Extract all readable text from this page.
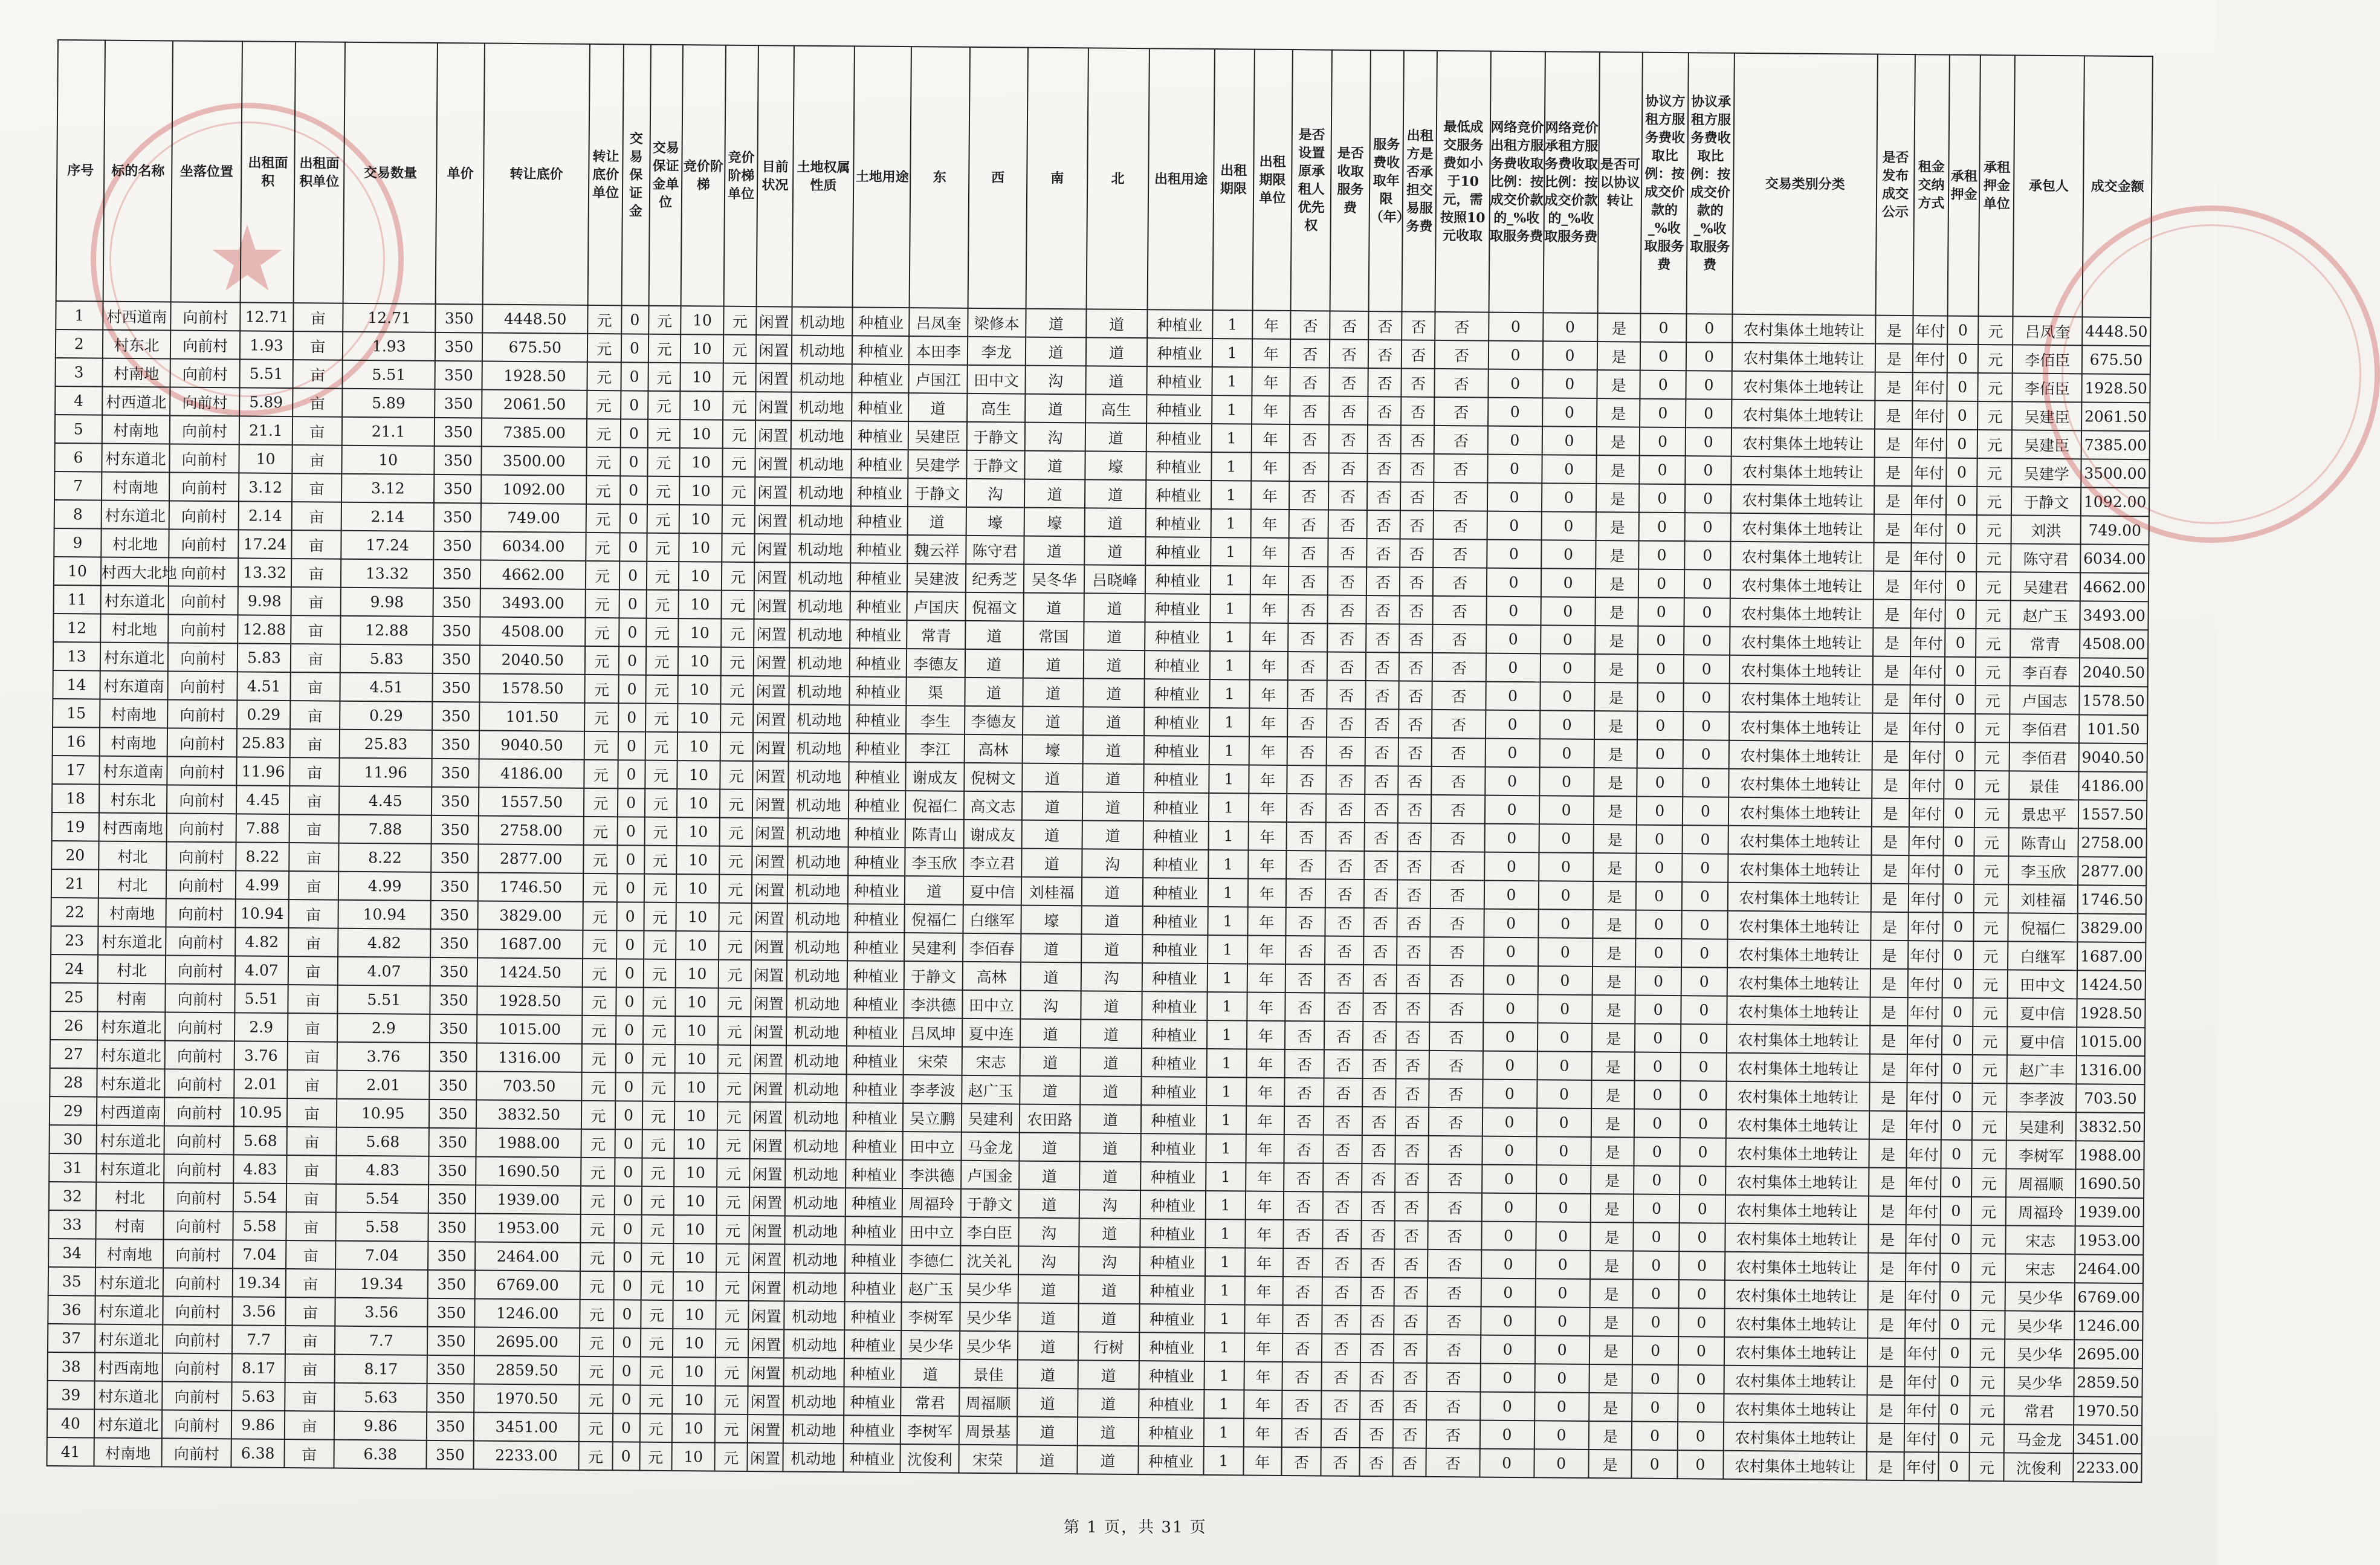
★
序号	标的名称	坐落位置	出租面积	出租面积单位	交易数量	单价	转让底价	转让底价单位	交易保证金	交易保证金单位	竞价阶梯	竞价阶梯单位	目前状况	土地权属性质	土地用途	东	西	南	北	出租用途	出租期限	出租期限单位	是否设置原承租人优先权	是否收取服务费	服务费收取年限（年）	出租方是否承担交易服务费	最低成交服务费如小于10元，需按照10元收取	网络竞价出租方服务费收取比例：按成交价款的_%收取服务费	网络竞价承租方服务费收取比例：按成交价款的_%收取服务费	是否可以协议转让	协议方租方服务费收取比例：按成交价款的_%收取服务费	协议承租方服务费收取比例：按成交价款的_%收取服务费	交易类别分类	是否发布成交公示	租金交纳方式	承租押金	承租押金单位	承包人	成交金额
1	村西道南	向前村	12.71	亩	12.71	350	4448.50	元	0	元	10	元	闲置	机动地	种植业	吕凤奎	梁修本	道	道	种植业	1	年	否	否	否	否	否	0	0	是	0	0	农村集体土地转让	是	年付	0	元	吕凤奎	4448.50
2	村东北	向前村	1.93	亩	1.93	350	675.50	元	0	元	10	元	闲置	机动地	种植业	本田李	李龙	道	道	种植业	1	年	否	否	否	否	否	0	0	是	0	0	农村集体土地转让	是	年付	0	元	李佰臣	675.50
3	村南地	向前村	5.51	亩	5.51	350	1928.50	元	0	元	10	元	闲置	机动地	种植业	卢国江	田中文	沟	道	种植业	1	年	否	否	否	否	否	0	0	是	0	0	农村集体土地转让	是	年付	0	元	李佰臣	1928.50
4	村西道北	向前村	5.89	亩	5.89	350	2061.50	元	0	元	10	元	闲置	机动地	种植业	道	高生	道	高生	种植业	1	年	否	否	否	否	否	0	0	是	0	0	农村集体土地转让	是	年付	0	元	吴建臣	2061.50
5	村南地	向前村	21.1	亩	21.1	350	7385.00	元	0	元	10	元	闲置	机动地	种植业	吴建臣	于静文	沟	道	种植业	1	年	否	否	否	否	否	0	0	是	0	0	农村集体土地转让	是	年付	0	元	吴建臣	7385.00
6	村东道北	向前村	10	亩	10	350	3500.00	元	0	元	10	元	闲置	机动地	种植业	吴建学	于静文	道	壕	种植业	1	年	否	否	否	否	否	0	0	是	0	0	农村集体土地转让	是	年付	0	元	吴建学	3500.00
7	村南地	向前村	3.12	亩	3.12	350	1092.00	元	0	元	10	元	闲置	机动地	种植业	于静文	沟	道	道	种植业	1	年	否	否	否	否	否	0	0	是	0	0	农村集体土地转让	是	年付	0	元	于静文	1092.00
8	村东道北	向前村	2.14	亩	2.14	350	749.00	元	0	元	10	元	闲置	机动地	种植业	道	壕	壕	道	种植业	1	年	否	否	否	否	否	0	0	是	0	0	农村集体土地转让	是	年付	0	元	刘洪	749.00
9	村北地	向前村	17.24	亩	17.24	350	6034.00	元	0	元	10	元	闲置	机动地	种植业	魏云祥	陈守君	道	道	种植业	1	年	否	否	否	否	否	0	0	是	0	0	农村集体土地转让	是	年付	0	元	陈守君	6034.00
10	村西大北地	向前村	13.32	亩	13.32	350	4662.00	元	0	元	10	元	闲置	机动地	种植业	吴建波	纪秀芝	吴冬华	吕晓峰	种植业	1	年	否	否	否	否	否	0	0	是	0	0	农村集体土地转让	是	年付	0	元	吴建君	4662.00
11	村东道北	向前村	9.98	亩	9.98	350	3493.00	元	0	元	10	元	闲置	机动地	种植业	卢国庆	倪福文	道	道	种植业	1	年	否	否	否	否	否	0	0	是	0	0	农村集体土地转让	是	年付	0	元	赵广玉	3493.00
12	村北地	向前村	12.88	亩	12.88	350	4508.00	元	0	元	10	元	闲置	机动地	种植业	常青	道	常国	道	种植业	1	年	否	否	否	否	否	0	0	是	0	0	农村集体土地转让	是	年付	0	元	常青	4508.00
13	村东道北	向前村	5.83	亩	5.83	350	2040.50	元	0	元	10	元	闲置	机动地	种植业	李德友	道	道	道	种植业	1	年	否	否	否	否	否	0	0	是	0	0	农村集体土地转让	是	年付	0	元	李百春	2040.50
14	村东道南	向前村	4.51	亩	4.51	350	1578.50	元	0	元	10	元	闲置	机动地	种植业	渠	道	道	道	种植业	1	年	否	否	否	否	否	0	0	是	0	0	农村集体土地转让	是	年付	0	元	卢国志	1578.50
15	村南地	向前村	0.29	亩	0.29	350	101.50	元	0	元	10	元	闲置	机动地	种植业	李生	李德友	道	道	种植业	1	年	否	否	否	否	否	0	0	是	0	0	农村集体土地转让	是	年付	0	元	李佰君	101.50
16	村南地	向前村	25.83	亩	25.83	350	9040.50	元	0	元	10	元	闲置	机动地	种植业	李江	高林	壕	道	种植业	1	年	否	否	否	否	否	0	0	是	0	0	农村集体土地转让	是	年付	0	元	李佰君	9040.50
17	村东道南	向前村	11.96	亩	11.96	350	4186.00	元	0	元	10	元	闲置	机动地	种植业	谢成友	倪树文	道	道	种植业	1	年	否	否	否	否	否	0	0	是	0	0	农村集体土地转让	是	年付	0	元	景佳	4186.00
18	村东北	向前村	4.45	亩	4.45	350	1557.50	元	0	元	10	元	闲置	机动地	种植业	倪福仁	高文志	道	道	种植业	1	年	否	否	否	否	否	0	0	是	0	0	农村集体土地转让	是	年付	0	元	景忠平	1557.50
19	村西南地	向前村	7.88	亩	7.88	350	2758.00	元	0	元	10	元	闲置	机动地	种植业	陈青山	谢成友	道	道	种植业	1	年	否	否	否	否	否	0	0	是	0	0	农村集体土地转让	是	年付	0	元	陈青山	2758.00
20	村北	向前村	8.22	亩	8.22	350	2877.00	元	0	元	10	元	闲置	机动地	种植业	李玉欣	李立君	道	沟	种植业	1	年	否	否	否	否	否	0	0	是	0	0	农村集体土地转让	是	年付	0	元	李玉欣	2877.00
21	村北	向前村	4.99	亩	4.99	350	1746.50	元	0	元	10	元	闲置	机动地	种植业	道	夏中信	刘桂福	道	种植业	1	年	否	否	否	否	否	0	0	是	0	0	农村集体土地转让	是	年付	0	元	刘桂福	1746.50
22	村南地	向前村	10.94	亩	10.94	350	3829.00	元	0	元	10	元	闲置	机动地	种植业	倪福仁	白继军	壕	道	种植业	1	年	否	否	否	否	否	0	0	是	0	0	农村集体土地转让	是	年付	0	元	倪福仁	3829.00
23	村东道北	向前村	4.82	亩	4.82	350	1687.00	元	0	元	10	元	闲置	机动地	种植业	吴建利	李佰春	道	道	种植业	1	年	否	否	否	否	否	0	0	是	0	0	农村集体土地转让	是	年付	0	元	白继军	1687.00
24	村北	向前村	4.07	亩	4.07	350	1424.50	元	0	元	10	元	闲置	机动地	种植业	于静文	高林	道	沟	种植业	1	年	否	否	否	否	否	0	0	是	0	0	农村集体土地转让	是	年付	0	元	田中文	1424.50
25	村南	向前村	5.51	亩	5.51	350	1928.50	元	0	元	10	元	闲置	机动地	种植业	李洪德	田中立	沟	道	种植业	1	年	否	否	否	否	否	0	0	是	0	0	农村集体土地转让	是	年付	0	元	夏中信	1928.50
26	村东道北	向前村	2.9	亩	2.9	350	1015.00	元	0	元	10	元	闲置	机动地	种植业	吕凤坤	夏中连	道	道	种植业	1	年	否	否	否	否	否	0	0	是	0	0	农村集体土地转让	是	年付	0	元	夏中信	1015.00
27	村东道北	向前村	3.76	亩	3.76	350	1316.00	元	0	元	10	元	闲置	机动地	种植业	宋荣	宋志	道	道	种植业	1	年	否	否	否	否	否	0	0	是	0	0	农村集体土地转让	是	年付	0	元	赵广丰	1316.00
28	村东道北	向前村	2.01	亩	2.01	350	703.50	元	0	元	10	元	闲置	机动地	种植业	李孝波	赵广玉	道	道	种植业	1	年	否	否	否	否	否	0	0	是	0	0	农村集体土地转让	是	年付	0	元	李孝波	703.50
29	村西道南	向前村	10.95	亩	10.95	350	3832.50	元	0	元	10	元	闲置	机动地	种植业	吴立鹏	吴建利	农田路	道	种植业	1	年	否	否	否	否	否	0	0	是	0	0	农村集体土地转让	是	年付	0	元	吴建利	3832.50
30	村东道北	向前村	5.68	亩	5.68	350	1988.00	元	0	元	10	元	闲置	机动地	种植业	田中立	马金龙	道	道	种植业	1	年	否	否	否	否	否	0	0	是	0	0	农村集体土地转让	是	年付	0	元	李树军	1988.00
31	村东道北	向前村	4.83	亩	4.83	350	1690.50	元	0	元	10	元	闲置	机动地	种植业	李洪德	卢国金	道	道	种植业	1	年	否	否	否	否	否	0	0	是	0	0	农村集体土地转让	是	年付	0	元	周福顺	1690.50
32	村北	向前村	5.54	亩	5.54	350	1939.00	元	0	元	10	元	闲置	机动地	种植业	周福玲	于静文	道	沟	种植业	1	年	否	否	否	否	否	0	0	是	0	0	农村集体土地转让	是	年付	0	元	周福玲	1939.00
33	村南	向前村	5.58	亩	5.58	350	1953.00	元	0	元	10	元	闲置	机动地	种植业	田中立	李白臣	沟	道	种植业	1	年	否	否	否	否	否	0	0	是	0	0	农村集体土地转让	是	年付	0	元	宋志	1953.00
34	村南地	向前村	7.04	亩	7.04	350	2464.00	元	0	元	10	元	闲置	机动地	种植业	李德仁	沈关礼	沟	沟	种植业	1	年	否	否	否	否	否	0	0	是	0	0	农村集体土地转让	是	年付	0	元	宋志	2464.00
35	村东道北	向前村	19.34	亩	19.34	350	6769.00	元	0	元	10	元	闲置	机动地	种植业	赵广玉	吴少华	道	道	种植业	1	年	否	否	否	否	否	0	0	是	0	0	农村集体土地转让	是	年付	0	元	吴少华	6769.00
36	村东道北	向前村	3.56	亩	3.56	350	1246.00	元	0	元	10	元	闲置	机动地	种植业	李树军	吴少华	道	道	种植业	1	年	否	否	否	否	否	0	0	是	0	0	农村集体土地转让	是	年付	0	元	吴少华	1246.00
37	村东道北	向前村	7.7	亩	7.7	350	2695.00	元	0	元	10	元	闲置	机动地	种植业	吴少华	吴少华	道	行树	种植业	1	年	否	否	否	否	否	0	0	是	0	0	农村集体土地转让	是	年付	0	元	吴少华	2695.00
38	村西南地	向前村	8.17	亩	8.17	350	2859.50	元	0	元	10	元	闲置	机动地	种植业	道	景佳	道	道	种植业	1	年	否	否	否	否	否	0	0	是	0	0	农村集体土地转让	是	年付	0	元	吴少华	2859.50
39	村东道北	向前村	5.63	亩	5.63	350	1970.50	元	0	元	10	元	闲置	机动地	种植业	常君	周福顺	道	道	种植业	1	年	否	否	否	否	否	0	0	是	0	0	农村集体土地转让	是	年付	0	元	常君	1970.50
40	村东道北	向前村	9.86	亩	9.86	350	3451.00	元	0	元	10	元	闲置	机动地	种植业	李树军	周景基	道	道	种植业	1	年	否	否	否	否	否	0	0	是	0	0	农村集体土地转让	是	年付	0	元	马金龙	3451.00
41	村南地	向前村	6.38	亩	6.38	350	2233.00	元	0	元	10	元	闲置	机动地	种植业	沈俊利	宋荣	道	道	种植业	1	年	否	否	否	否	否	0	0	是	0	0	农村集体土地转让	是	年付	0	元	沈俊利	2233.00
第 1 页，共 31 页
